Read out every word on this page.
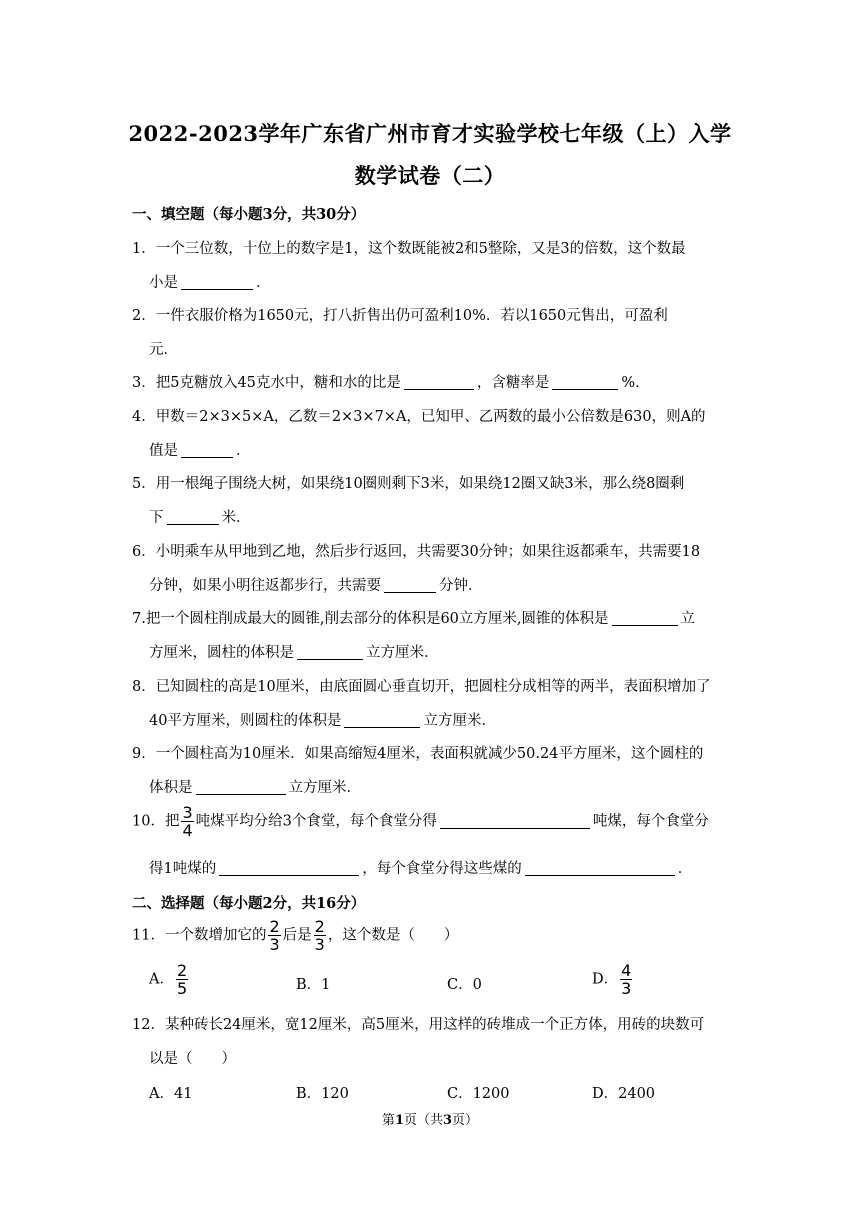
2022-2023学年广东省广州市育才实验学校七年级（上）入学
数学试卷（二）
一、填空题（每小题3分，共30分）
1．一个三位数，十位上的数字是1，这个数既能被2和5整除，又是3的倍数，这个数最
小是	．
2．一件衣服价格为1650元，打八折售出仍可盈利10%．若以1650元售出，可盈利
元．
3．把5克糖放入45克水中，糖和水的比是	，含糖率是	%．
4．甲数＝2×3×5×A，乙数＝2×3×7×A，已知甲、乙两数的最小公倍数是630，则A的
值是	．
5．用一根绳子围绕大树，如果绕10圈则剩下3米，如果绕12圈又缺3米，那么绕8圈剩
下	米．
6．小明乘车从甲地到乙地，然后步行返回，共需要30分钟；如果往返都乘车，共需要18
分钟，如果小明往返都步行，共需要	分钟．
7.把一个圆柱削成最大的圆锥,削去部分的体积是60立方厘米,圆锥的体积是	立
方厘米，圆柱的体积是	立方厘米．
8．已知圆柱的高是10厘米，由底面圆心垂直切开，把圆柱分成相等的两半，表面积增加了
40平方厘米，则圆柱的体积是	立方厘米．
9．一个圆柱高为10厘米．如果高缩短4厘米，表面积就减少50.24平方厘米，这个圆柱的
体积是	立方厘米．
10．把 $\frac{3}{4}$ 吨煤平均分给3个食堂，每个食堂分得	吨煤，每个食堂分
得1吨煤的	，每个食堂分得这些煤的	．
二、选择题（每小题2分，共16分）
11．一个数增加它的 $\frac{2}{3}$ 后是 $\frac{2}{3}$ ，这个数是（　　）
A． $\frac{2}{5}$	B．1	C．0	D． $\frac{4}{3}$
12．某种砖长24厘米，宽12厘米，高5厘米，用这样的砖堆成一个正方体，用砖的块数可
以是（　　）
A．41	B．120	C．1200	D．2400
第1页（共3页）
